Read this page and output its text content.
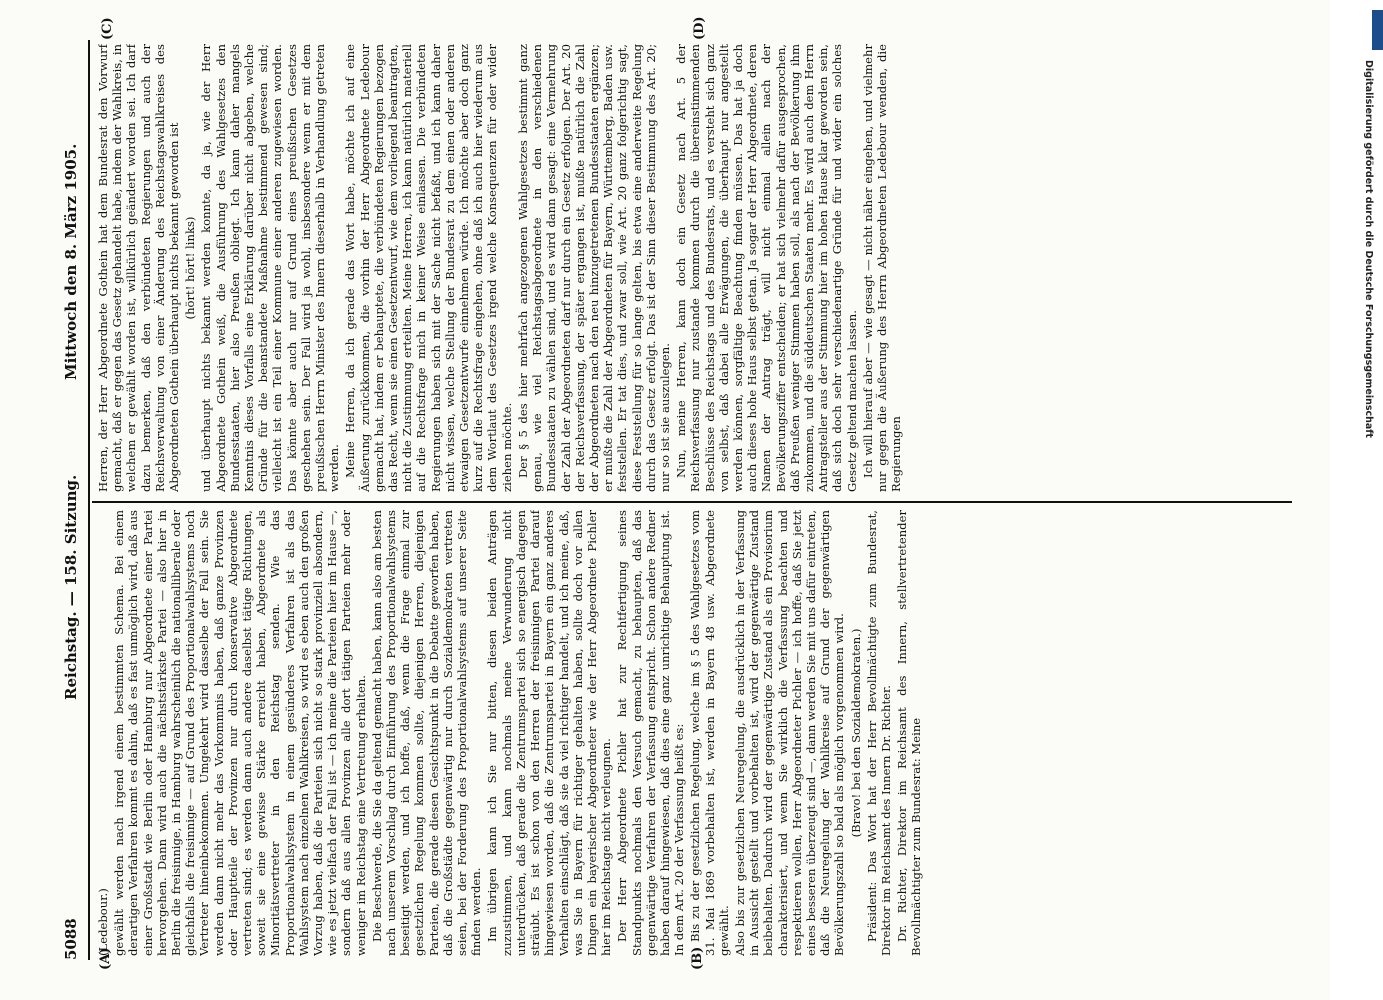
5088
Reichstag. — 158. Sitzung.
Mittwoch den 8. März 1905.
(A)	(B)
(C)	(D)

(Ledebour.) gewählt werden nach irgend einem bestimmten Schema. Bei einem derartigen Verfahren kommt es dahin, daß es fast unmöglich wird, daß aus einer Großstadt wie Berlin oder Hamburg nur Abgeordnete einer Partei hervorgehen. Dann wird auch die nächststärkste Partei — also hier in Berlin die freisinnige, in Hamburg wahrscheinlich die nationalliberale oder gleichfalls die freisinnige — auf Grund des Proportionalwahlsystems noch Vertreter hineinbekommen. Umgekehrt wird dasselbe der Fall sein. Sie werden dann nicht mehr das Vorkommnis haben, daß ganze Provinzen oder Hauptteile der Provinzen nur durch konservative Abgeordnete vertreten sind; es werden dann auch andere daselbst tätige Richtungen, soweit sie eine gewisse Stärke erreicht haben, Abgeordnete als Minoritätsvertreter in den Reichstag senden. Wie das Proportionalwahlsystem in einem gesünderes Verfahren ist als das Wahlsystem nach einzelnen Wahlkreisen, so wird es eben auch den großen Vorzug haben, daß die Parteien sich nicht so stark provinziell absondern, wie es jetzt vielfach der Fall ist — ich meine die Parteien hier im Hause —, sondern daß aus allen Provinzen alle dort tätigen Parteien mehr oder weniger im Reichstag eine Vertretung erhalten. Die Beschwerde, die Sie da geltend gemacht haben, kann also am besten nach unserem Vorschlag durch Einführung des Proportionalwahlsystems beseitigt werden, und ich hoffe, daß, wenn die Frage einmal zur gesetzlichen Regelung kommen sollte, diejenigen Herren, diejenigen Parteien, die gerade diesen Gesichtspunkt in die Debatte geworfen haben, daß die Großstädte gegenwärtig nur durch Sozialdemokraten vertreten seien, bei der Forderung des Proportionalwahlsystems auf unserer Seite finden werden. Im übrigen kann ich Sie nur bitten, diesen beiden Anträgen zuzustimmen, und kann nochmals meine Verwunderung nicht unterdrücken, daß gerade die Zentrumspartei sich so energisch dagegen sträubt. Es ist schon von den Herren der freisinnigen Partei darauf hingewiesen worden, daß die Zentrumspartei in Bayern ein ganz anderes Verhalten einschlägt, daß sie da viel richtiger handelt, und ich meine, daß, was Sie in Bayern für richtiger gehalten haben, sollte doch vor allen Dingen ein bayerischer Abgeordneter wie der Herr Abgeordnete Pichler hier im Reichstage nicht verleugnen. Der Herr Abgeordnete Pichler hat zur Rechtfertigung seines Standpunkts nochmals den Versuch gemacht, zu behaupten, daß das gegenwärtige Verfahren der Verfassung entspricht. Schon andere Redner haben darauf hingewiesen, daß dies eine ganz unrichtige Behauptung ist. In dem Art. 20 der Verfassung heißt es: Bis zu der gesetzlichen Regelung, welche im § 5 des Wahlgesetzes vom 31. Mai 1869 vorbehalten ist, werden in Bayern 48 usw. Abgeordnete gewählt. Also bis zur gesetzlichen Neuregelung, die ausdrücklich in der Verfassung in Aussicht gestellt und vorbehalten ist, wird der gegenwärtige Zustand beibehalten. Dadurch wird der gegenwärtige Zustand als ein Provisorium charakterisiert, und wenn Sie wirklich die Verfassung beachten und respektieren wollen, Herr Abgeordneter Pichler — ich hoffe, daß Sie jetzt eines besseren überzeugt sind —, dann werden Sie mit uns dafür eintreten, daß die Neuregelung der Wahlkreise auf Grund der gegenwärtigen Bevölkerungszahl so bald als möglich vorgenommen wird. (Bravo! bei den Sozialdemokraten.) Präsident: Das Wort hat der Herr Bevollmächtigte zum Bundesrat, Direktor im Reichsamt des Innern Dr. Richter. Dr. Richter, Direktor im Reichsamt des Innern, stellvertretender Bevollmächtigter zum Bundesrat: Meine

Herren, der Herr Abgeordnete Gothein hat dem Bundesrat den Vorwurf gemacht, daß er gegen das Gesetz gehandelt habe, indem der Wahlkreis, in welchem er gewählt worden ist, willkürlich geändert worden sei. Ich darf dazu bemerken, daß den verbündeten Regierungen und auch der Reichsverwaltung von einer Änderung des Reichstagswahlkreises des Abgeordneten Gothein überhaupt nichts bekannt geworden ist (hört! hört! links) und überhaupt nichts bekannt werden konnte, da ja, wie der Herr Abgeordnete Gothein weiß, die Ausführung des Wahlgesetzes den Bundesstaaten, hier also Preußen obliegt. Ich kann daher mangels Kenntnis dieses Vorfalls eine Erklärung darüber nicht abgeben, welche Gründe für die beanstandete Maßnahme bestimmend gewesen sind; vielleicht ist ein Teil einer Kommune einer anderen zugewiesen worden. Das könnte aber auch nur auf Grund eines preußischen Gesetzes geschehen sein. Der Fall wird ja wohl, insbesondere wenn er mit dem preußischen Herrn Minister des Innern dieserhalb in Verhandlung getreten werden. Meine Herren, da ich gerade das Wort habe, möchte ich auf eine Äußerung zurückkommen, die vorhin der Herr Abgeordnete Ledebour gemacht hat, indem er behauptete, die verbündeten Regierungen bezogen das Recht, wenn sie einen Gesetzentwurf, wie dem vorliegend beantragten, nicht die Zustimmung erteilten. Meine Herren, ich kann natürlich materiell auf die Rechtsfrage mich in keiner Weise einlassen. Die verbündeten Regierungen haben sich mit der Sache nicht befaßt, und ich kann daher nicht wissen, welche Stellung der Bundesrat zu dem einen oder anderen etwaigen Gesetzentwurfe einnehmen würde. Ich möchte aber doch ganz kurz auf die Rechtsfrage eingehen, ohne daß ich auch hier wiederum aus dem Wortlaut des Gesetzes irgend welche Konsequenzen für oder wider ziehen möchte. Der § 5 des hier mehrfach angezogenen Wahlgesetzes bestimmt ganz genau, wie viel Reichstagsabgeordnete in den verschiedenen Bundesstaaten zu wählen sind, und es wird dann gesagt: eine Vermehrung der Zahl der Abgeordneten darf nur durch ein Gesetz erfolgen. Der Art. 20 der Reichsverfassung, der später ergangen ist, mußte natürlich die Zahl der Abgeordneten nach den neu hinzugetretenen Bundesstaaten ergänzen; er mußte die Zahl der Abgeordneten für Bayern, Württemberg, Baden usw. feststellen. Er tat dies, und zwar soll, wie Art. 20 ganz folgerichtig sagt, diese Feststellung für so lange gelten, bis etwa eine anderweite Regelung durch das Gesetz erfolgt. Das ist der Sinn dieser Bestimmung des Art. 20; nur so ist sie auszulegen. Nun, meine Herren, kann doch ein Gesetz nach Art. 5 der Reichsverfassung nur zustande kommen durch die übereinstimmenden Beschlüsse des Reichstags und des Bundesrats, und es versteht sich ganz von selbst, daß dabei alle Erwägungen, die überhaupt nur angestellt werden können, sorgfältige Beachtung finden müssen. Das hat ja doch auch dieses hohe Haus selbst getan. Ja sogar der Herr Abgeordnete, deren Namen der Antrag trägt, will nicht einmal allein nach der Bevölkerungsziffer entscheiden; er hat sich vielmehr dafür ausgesprochen, daß Preußen weniger Stimmen haben soll, als nach der Bevölkerung ihm zukommen, und die süddeutschen Staaten mehr. Es wird auch dem Herrn Antragsteller aus der Stimmung hier im hohen Hause klar geworden sein, daß sich doch sehr verschiedenartige Gründe für und wider ein solches Gesetz geltend machen lassen. Ich will hierauf aber — wie gesagt — nicht näher eingehen, und vielmehr nur gegen die Äußerung des Herrn Abgeordneten Ledebour wenden, die Regierungen

Digitalisierung gefördert durch die Deutsche Forschungsgemeinschaft
